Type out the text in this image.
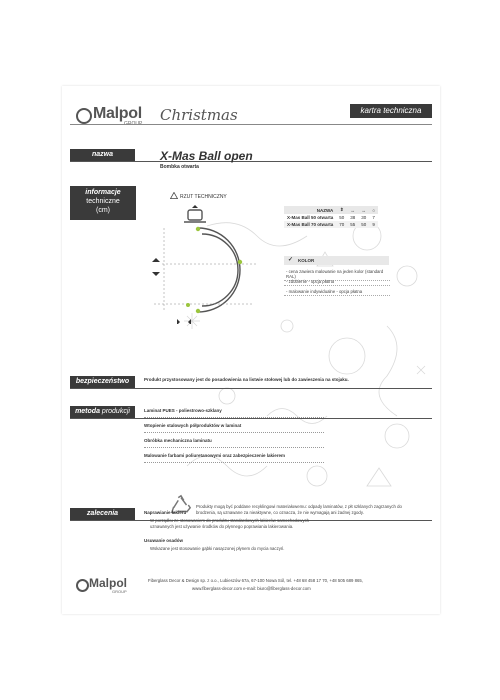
Malpol Christmas	kartra techniczna
nazwa	X-Mas Ball open
Bombka otwarta
informacje
techniczne
(cm)
RZUT TECHNICZNY
NAZWA	⇕	↔	↔	○
X-Mas Ball 50 otwarta	50	38	30	7
X-Mas Ball 70 otwarta	70	55	50	9
✓ KOLOR
- cena zawiera malowanie na jeden kolor (standard RAL)
- zdobienie - opcja płatna
- malowanie indywidualne - opcja płatna
bezpieczeństwo	Produkt przystosowany jest do posadowienia na listwie stołowej lub do zawieszenia na stojaku.
metoda produkcji	Laminat PUES - poliestrowo-szklany
Wtopienie stalowych półproduktów w laminat
Obróbka mechaniczna laminatu
Malowanie farbami poliuretanowymi oraz zabezpieczenie lakierem
Produkty mogą być poddane recyklingowi materiałowemu: odpady laminatów, z płt szklanych zagrzanych do brodzenia, są uznawane za nieaktywne, co oznacza, że nie wymagają ani żadnej zgody.
zalecenia	Naprawianie lakieru
W porządku ze stosowaniem do produktu standardowych lakierów samochodowych uznawanych jest używanie środków do płynnego poprawiania lakierowania.
Usuwanie osadów
Wskazane jest stosowanie gąbki nasączonej płynem do mycia naczyń.
Malpol
GROUP
Fiberglass Decor & Design sp. z o.o., Lubieszów 67a, 67-100 Nowa Sól, tel. +48 68 458 17 70, +48 505 689 865,
www.fiberglass-decor.com e-mail: biuro@fiberglass-decor.com
